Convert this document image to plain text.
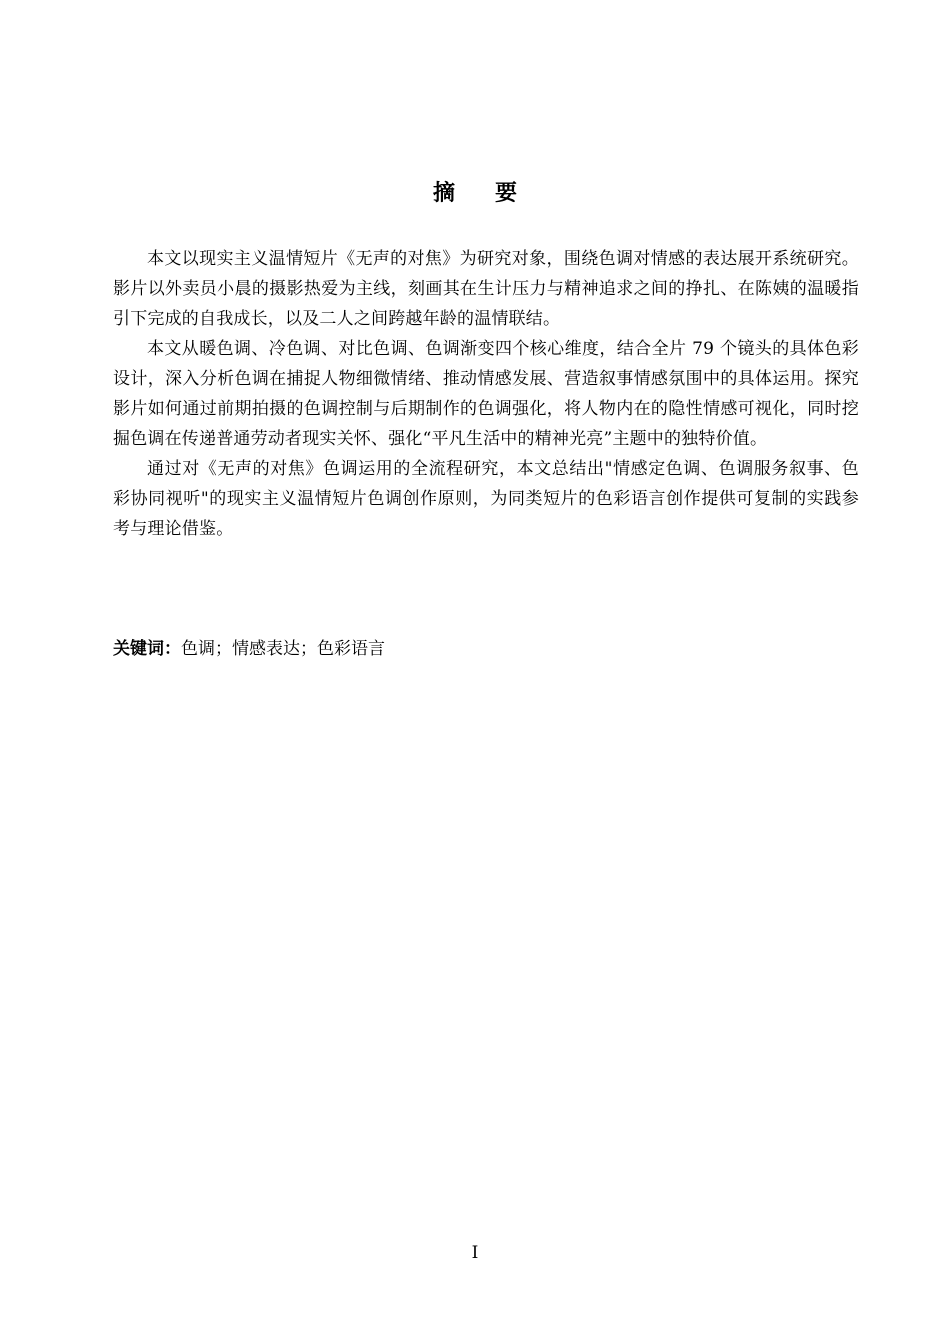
摘要

本文以现实主义温情短片《无声的对焦》为研究对象，围绕色调对情感的表达展开系统研究。影片以外卖员小晨的摄影热爱为主线，刻画其在生计压力与精神追求之间的挣扎、在陈姨的温暖指引下完成的自我成长，以及二人之间跨越年龄的温情联结。

本文从暖色调、冷色调、对比色调、色调渐变四个核心维度，结合全片 79 个镜头的具体色彩设计，深入分析色调在捕捉人物细微情绪、推动情感发展、营造叙事情感氛围中的具体运用。探究影片如何通过前期拍摄的色调控制与后期制作的色调强化，将人物内在的隐性情感可视化，同时挖掘色调在传递普通劳动者现实关怀、强化“平凡生活中的精神光亮”主题中的独特价值。

通过对《无声的对焦》色调运用的全流程研究，本文总结出"情感定色调、色调服务叙事、色彩协同视听"的现实主义温情短片色调创作原则，为同类短片的色彩语言创作提供可复制的实践参考与理论借鉴。

关键词：色调；情感表达；色彩语言
I
